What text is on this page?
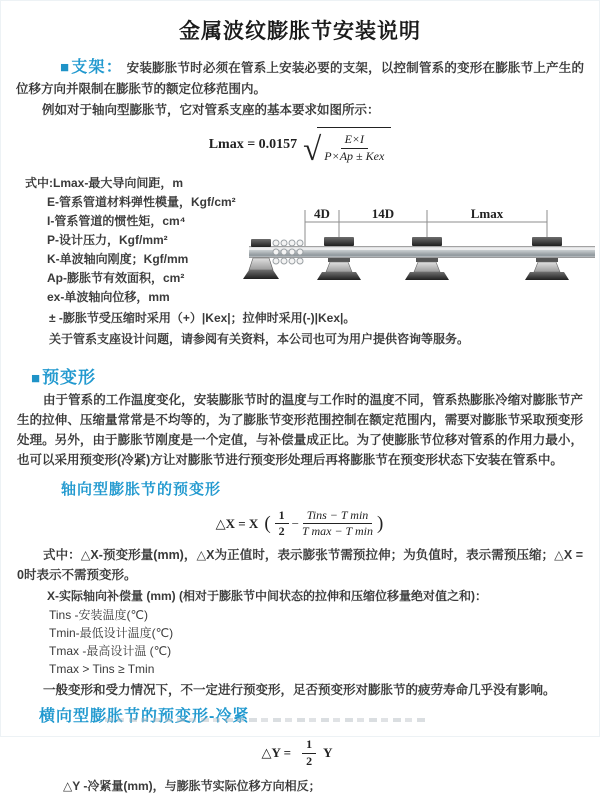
金属波纹膨胀节安装说明

■支架： 安装膨胀节时必须在管系上安装必要的支架，以控制管系的变形在膨胀节上产生的位移方向并限制在膨胀节的额定位移范围内。

例如对于轴向型膨胀节，它对管系支座的基本要求如图所示：

Lmax = 0.0157 √ $\frac{E\times I}{\text{P×Ap ± Kex}}$
式中:Lmax-最大导向间距，m
E-管系管道材料弹性模量，Kgf/cm²
I-管系管道的惯性矩，cm⁴
P-设计压力，Kgf/mm²
K-单波轴向刚度；Kgf/mm
Ap-膨胀节有效面积，cm²
ex-单波轴向位移，mm
4D	14D	Lmax
± -膨胀节受压缩时采用（+）|Kex|；拉伸时采用(-)|Kex|。
关于管系支座设计问题，请参阅有关资料，本公司也可为用户提供咨询等服务。
■预变形

由于管系的工作温度变化，安装膨胀节时的温度与工作时的温度不同，管系热膨胀冷缩对膨胀节产生的拉伸、压缩量常常是不均等的，为了膨胀节变形范围控制在额定范围内，需要对膨胀节采取预变形处理。另外，由于膨胀节刚度是一个定值，与补偿量成正比。为了使膨胀节位移对管系的作用力最小，也可以采用预变形(冷紧)方让对膨胀节进行预变形处理后再将膨胀节在预变形状态下安装在管系中。

轴向型膨胀节的预变形
△X = X ( $\frac{1}{2} - \frac{\text{Tins − T min}}{\text{T max − T min}}$ )

式中：△X-预变形量(mm)，△X为正值时，表示膨张节需预拉伸；为负值时，表示需预压缩；△X = 0时表示不需预变形。

X-实际轴向补偿量 (mm) (相对于膨胀节中间状态的拉伸和压缩位移量绝对值之和)：
Tins -安装温度(℃)
Tmin-最低设计温度(℃)
Tmax -最高设计温 (℃)
Tmax > Tins ≥ Tmin

一般变形和受力情况下，不一定进行预变形，足否预变形对膨胀节的疲劳寿命几乎没有影响。

横向型膨胀节的预变形-冷紧
△Y = $\frac{1}{2}$ Y
△Y -冷紧量(mm)，与膨胀节实际位移方向相反；
